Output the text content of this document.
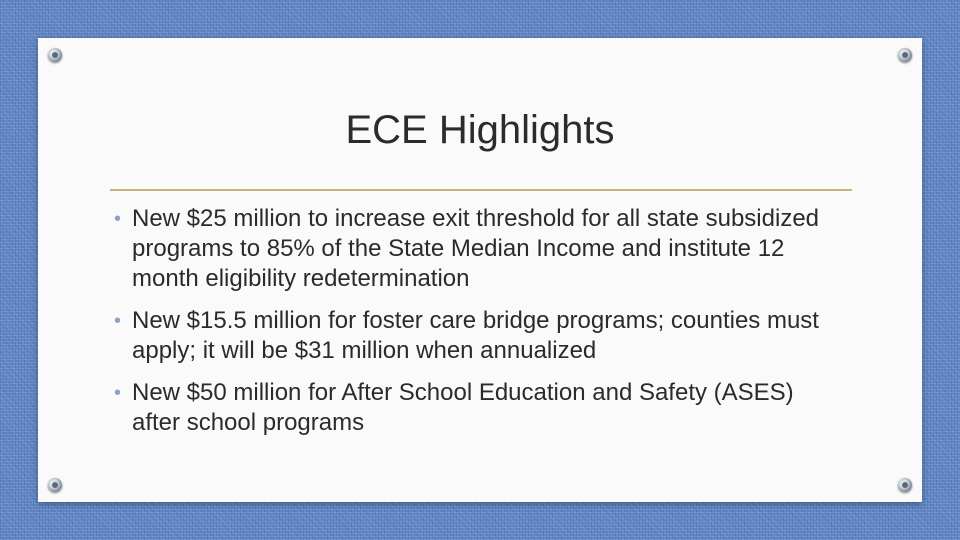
ECE Highlights
• New $25 million to increase exit threshold for all state subsidized programs to 85% of the State Median Income and institute 12 month eligibility redetermination
• New $15.5 million for foster care bridge programs; counties must apply; it will be $31 million when annualized
• New $50 million for After School Education and Safety (ASES) after school programs
